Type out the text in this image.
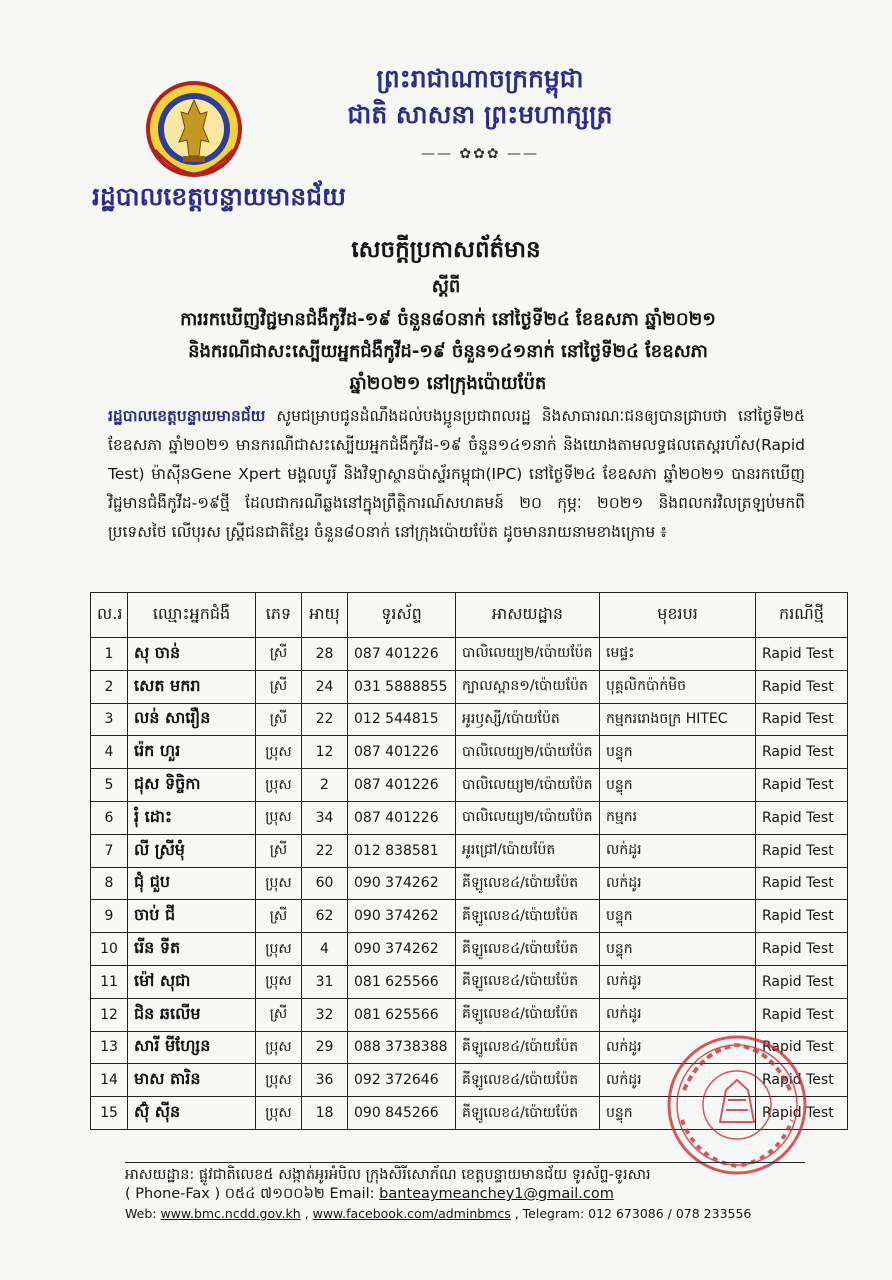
ព្រះរាជាណាចក្រកម្ពុជា
ជាតិ សាសនា ព្រះមហាក្សត្រ
—— ✿✿✿ ——
រដ្ឋបាលខេត្តបន្ទាយមានជ័យ
សេចក្តីប្រកាសព័ត៌មាន
ស្តីពី
ការរកឃើញវិជ្ជមានជំងឺកូវីដ-១៩ ចំនួន៨០នាក់ នៅថ្ងៃទី២៤ ខែឧសភា ឆ្នាំ២០២១
និងករណីជាសះស្បើយអ្នកជំងឺកូវីដ-១៩ ចំនួន១៤១នាក់ នៅថ្ងៃទី២៤ ខែឧសភា
ឆ្នាំ២០២១ នៅក្រុងប៉ោយប៉ែត
រដ្ឋបាលខេត្តបន្ទាយមានជ័យ សូមជម្រាបជូនដំណឹងដល់បងប្អូនប្រជាពលរដ្ឋ និងសាធារណៈជនឲ្យបានជ្រាបថា នៅថ្ងៃទី២៥ ខែឧសភា ឆ្នាំ២០២១ មានករណីជាសះស្បើយអ្នកជំងឺកូវីដ-១៩ ចំនួន១៤១នាក់ និងយោងតាមលទ្ធផលតេស្តរហ័ស(Rapid Test) ម៉ាស៊ីនGene Xpert មង្គលបូរី និងវិទ្យាស្ថានប៉ាស្ទ័រកម្ពុជា(IPC) នៅថ្ងៃទី២៤ ខែឧសភា ឆ្នាំ២០២១ បានរកឃើញវិជ្ជមានជំងឺកូវីដ-១៩ថ្មី ដែលជាករណីឆ្លងនៅក្នុងព្រឹត្តិការណ៍សហគមន៍ ២០ កុម្ភៈ ២០២១ និងពលករវិលត្រឡប់មកពីប្រទេសថៃ លើបុរស ស្ត្រីជនជាតិខ្មែរ ចំនួន៨០នាក់ នៅក្រុងប៉ោយប៉ែត ដូចមានរាយនាមខាងក្រោម ៖
ល.រ	ឈ្មោះអ្នកជំងឺ	ភេទ	អាយុ	ទូរស័ព្ទ	អាសយដ្ឋាន	មុខរបរ	ករណីថ្មី
1	សុ ចាន់	ស្រី	28	087 401226	បាលិលេយ្យ២/ប៉ោយប៉ែត	មេផ្ទះ	Rapid Test
2	សេត មករា	ស្រី	24	031 5888855	ក្បាលស្ពាន១/ប៉ោយប៉ែត	បុគ្គលិកប៉ាក់មិច	Rapid Test
3	លន់ សារឿន	ស្រី	22	012 544815	អូរឫស្សី/ប៉ោយប៉ែត	កម្មកររោងចក្រ HITEC	Rapid Test
4	រ៉េក ហួរ	ប្រុស	12	087 401226	បាលិលេយ្យ២/ប៉ោយប៉ែត	បន្ទុក	Rapid Test
5	ជុស ទិច្ចិកា	ប្រុស	2	087 401226	បាលិលេយ្យ២/ប៉ោយប៉ែត	បន្ទុក	Rapid Test
6	រុំ ដោះ	ប្រុស	34	087 401226	បាលិលេយ្យ២/ប៉ោយប៉ែត	កម្មករ	Rapid Test
7	លី ស្រីមុំ	ស្រី	22	012 838581	អូរជ្រៅ/ប៉ោយប៉ែត	លក់ដូរ	Rapid Test
8	ជុំ ជួប	ប្រុស	60	090 374262	គីឡូលេខ៤/ប៉ោយប៉ែត	លក់ដូរ	Rapid Test
9	ចាប់ ជី	ស្រី	62	090 374262	គីឡូលេខ៤/ប៉ោយប៉ែត	បន្ទុក	Rapid Test
10	រើន ទីត	ប្រុស	4	090 374262	គីឡូលេខ៤/ប៉ោយប៉ែត	បន្ទុក	Rapid Test
11	ម៉ៅ សុជា	ប្រុស	31	081 625566	គីឡូលេខ៤/ប៉ោយប៉ែត	លក់ដូរ	Rapid Test
12	ជិន ឆលើម	ស្រី	32	081 625566	គីឡូលេខ៤/ប៉ោយប៉ែត	លក់ដូរ	Rapid Test
13	សារី មីហ្សែន	ប្រុស	29	088 3738388	គីឡូលេខ៤/ប៉ោយប៉ែត	លក់ដូរ	Rapid Test
14	មាស តារិន	ប្រុស	36	092 372646	គីឡូលេខ៤/ប៉ោយប៉ែត	លក់ដូរ	Rapid Test
15	ស៊ុំ ស៊ីន	ប្រុស	18	090 845266	គីឡូលេខ៤/ប៉ោយប៉ែត	បន្ទុក	Rapid Test
អាសយដ្ឋាន: ផ្លូវជាតិលេខ៥ សង្កាត់អូរអំបិល ក្រុងសិរីសោភ័ណ ខេត្តបន្ទាយមានជ័យ ទូរស័ព្ទ-ទូរសារ
( Phone-Fax ) ០៥៤ ៧១០០៦២ Email: banteaymeanchey1@gmail.com
Web: www.bmc.ncdd.gov.kh , www.facebook.com/adminbmcs , Telegram: 012 673086 / 078 233556
